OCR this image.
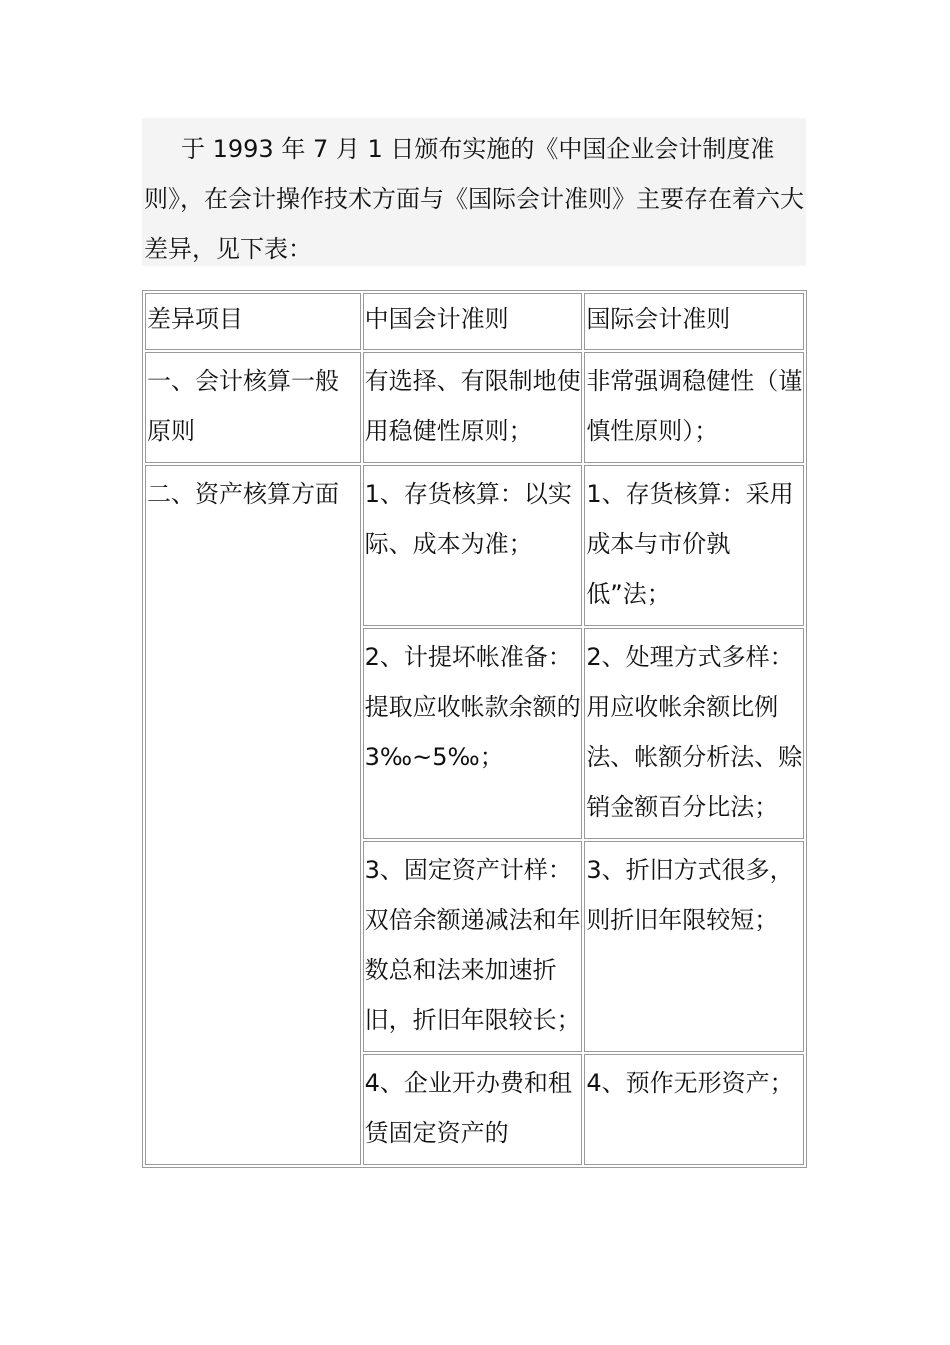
于 1993 年 7 月 1 日颁布实施的《中国企业会计制度准则》，在会计操作技术方面与《国际会计准则》主要存在着六大差异，见下表：

差异项目	中国会计准则	国际会计准则
一、会计核算一般原则	有选择、有限制地使用稳健性原则；	非常强调稳健性（谨慎性原则）；
二、资产核算方面	1、存货核算：以实际、成本为准；	1、存货核算：采用 成本与市价孰低”法；
	2、计提坏帐准备：提取应收帐款余额的 3‰~5‰；	2、处理方式多样：用应收帐余额比例法、帐额分析法、赊销金额百分比法；
	3、固定资产计样：双倍余额递减法和年数总和法来加速折旧，折旧年限较长；	3、折旧方式很多，则折旧年限较短；
	4、企业开办费和租赁固定资产的	4、预作无形资产；
